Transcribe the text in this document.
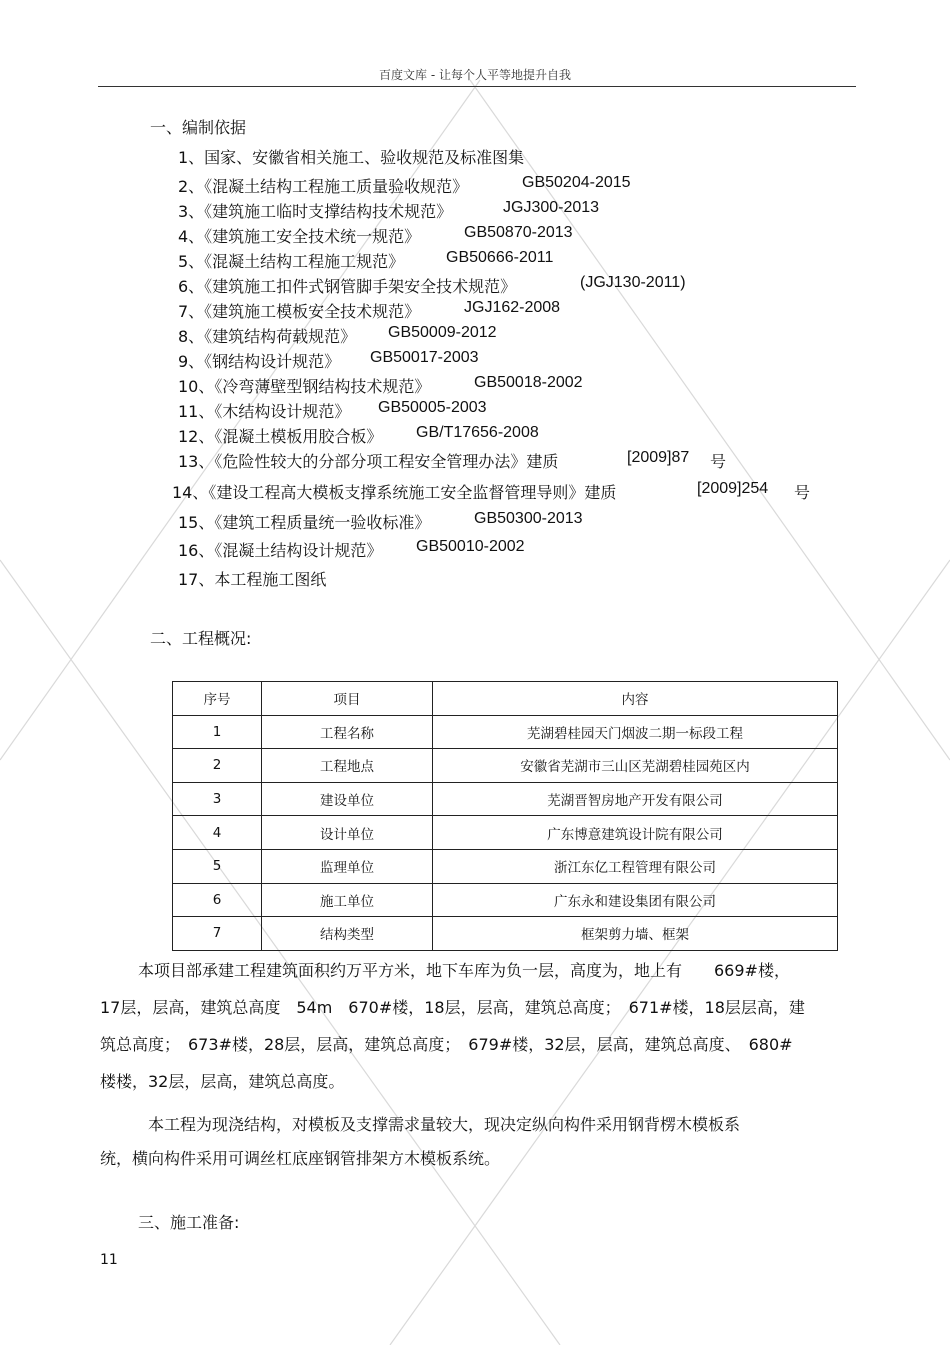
百度文库 - 让每个人平等地提升自我
一、编制依据
1、国家、安徽省相关施工、验收规范及标准图集
2、《混凝土结构工程施工质量验收规范》	GB50204-2015
3、《建筑施工临时支撑结构技术规范》	JGJ300-2013
4、《建筑施工安全技术统一规范》	GB50870-2013
5、《混凝土结构工程施工规范》	GB50666-2011
6、《建筑施工扣件式钢管脚手架安全技术规范》	(JGJ130-2011)
7、《建筑施工模板安全技术规范》	JGJ162-2008
8、《建筑结构荷载规范》 GB50009-2012
9、《钢结构设计规范》 GB50017-2003
10、《冷弯薄壁型钢结构技术规范》	GB50018-2002
11、《木结构设计规范》 GB50005-2003
12、《混凝土模板用胶合板》 GB/T17656-2008
13、《危险性较大的分部分项工程安全管理办法》建质	[2009]87 号
14、《建设工程高大模板支撑系统施工安全监督管理导则》建质	[2009]254 号
15、《建筑工程质量统一验收标准》	GB50300-2013
16、《混凝土结构设计规范》 GB50010-2002
17、本工程施工图纸
二、工程概况:
序号	项目	内容
1	工程名称	芜湖碧桂园天门烟波二期一标段工程
2	工程地点	安徽省芜湖市三山区芜湖碧桂园苑区内
3	建设单位	芜湖晋智房地产开发有限公司
4	设计单位	广东博意建筑设计院有限公司
5	监理单位	浙江东亿工程管理有限公司
6	施工单位	广东永和建设集团有限公司
7	结构类型	框架剪力墙、框架
本项目部承建工程建筑面积约万平方米，地下车库为负一层，高度为，地上有　　669#楼，
17层，层高，建筑总高度　54m　670#楼，18层，层高，建筑总高度；　671#楼，18层层高，建
筑总高度；　673#楼，28层，层高，建筑总高度；　679#楼，32层，层高，建筑总高度、　680#
楼楼，32层，层高，建筑总高度。
本工程为现浇结构，对模板及支撑需求量较大，现决定纵向构件采用钢背楞木模板系
统，横向构件采用可调丝杠底座钢管排架方木模板系统。
三、施工准备:
11
